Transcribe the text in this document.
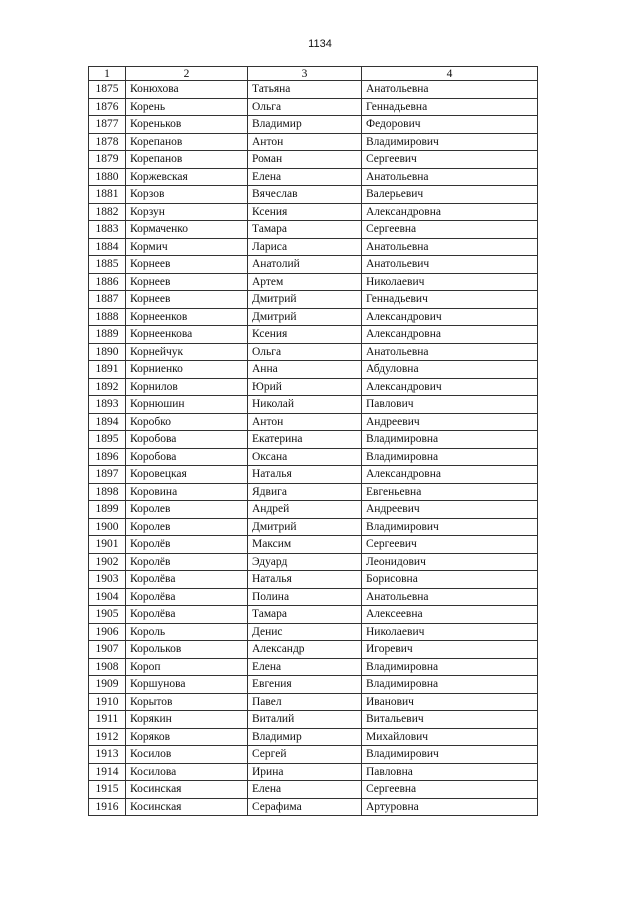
1134
1	2	3	4
1875	Конюхова	Татьяна	Анатольевна
1876	Корень	Ольга	Геннадьевна
1877	Кореньков	Владимир	Федорович
1878	Корепанов	Антон	Владимирович
1879	Корепанов	Роман	Сергеевич
1880	Коржевская	Елена	Анатольевна
1881	Корзов	Вячеслав	Валерьевич
1882	Корзун	Ксения	Александровна
1883	Кормаченко	Тамара	Сергеевна
1884	Кормич	Лариса	Анатольевна
1885	Корнеев	Анатолий	Анатольевич
1886	Корнеев	Артем	Николаевич
1887	Корнеев	Дмитрий	Геннадьевич
1888	Корнеенков	Дмитрий	Александрович
1889	Корнеенкова	Ксения	Александровна
1890	Корнейчук	Ольга	Анатольевна
1891	Корниенко	Анна	Абдуловна
1892	Корнилов	Юрий	Александрович
1893	Корнюшин	Николай	Павлович
1894	Коробко	Антон	Андреевич
1895	Коробова	Екатерина	Владимировна
1896	Коробова	Оксана	Владимировна
1897	Коровецкая	Наталья	Александровна
1898	Коровина	Ядвига	Евгеньевна
1899	Королев	Андрей	Андреевич
1900	Королев	Дмитрий	Владимирович
1901	Королёв	Максим	Сергеевич
1902	Королёв	Эдуард	Леонидович
1903	Королёва	Наталья	Борисовна
1904	Королёва	Полина	Анатольевна
1905	Королёва	Тамара	Алексеевна
1906	Король	Денис	Николаевич
1907	Корольков	Александр	Игоревич
1908	Короп	Елена	Владимировна
1909	Коршунова	Евгения	Владимировна
1910	Корытов	Павел	Иванович
1911	Корякин	Виталий	Витальевич
1912	Коряков	Владимир	Михайлович
1913	Косилов	Сергей	Владимирович
1914	Косилова	Ирина	Павловна
1915	Косинская	Елена	Сергеевна
1916	Косинская	Серафима	Артуровна
